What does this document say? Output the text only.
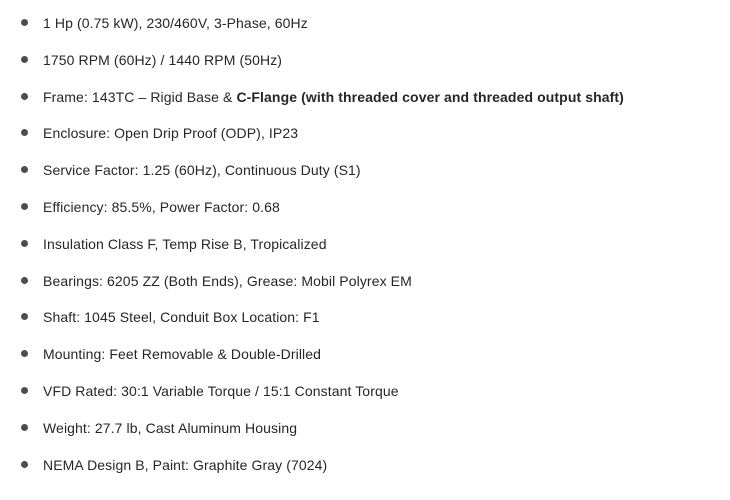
1 Hp (0.75 kW), 230/460V, 3-Phase, 60Hz
1750 RPM (60Hz) / 1440 RPM (50Hz)
Frame: 143TC – Rigid Base & C-Flange (with threaded cover and threaded output shaft)
Enclosure: Open Drip Proof (ODP), IP23
Service Factor: 1.25 (60Hz), Continuous Duty (S1)
Efficiency: 85.5%, Power Factor: 0.68
Insulation Class F, Temp Rise B, Tropicalized
Bearings: 6205 ZZ (Both Ends), Grease: Mobil Polyrex EM
Shaft: 1045 Steel, Conduit Box Location: F1
Mounting: Feet Removable & Double-Drilled
VFD Rated: 30:1 Variable Torque / 15:1 Constant Torque
Weight: 27.7 lb, Cast Aluminum Housing
NEMA Design B, Paint: Graphite Gray (7024)
